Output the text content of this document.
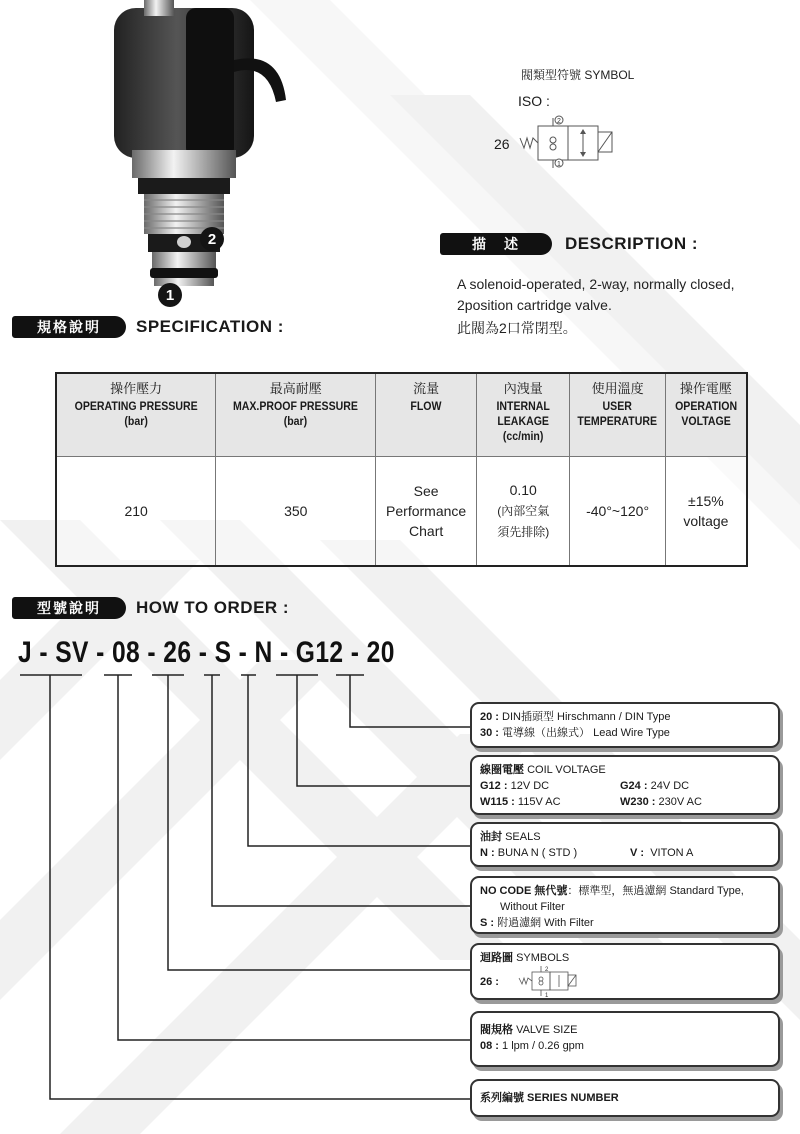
2
1
閥類型符號 SYMBOL
ISO :
26
2
1
描　述	DESCRIPTION :
A solenoid-operated, 2-way, normally closed,
2position cartridge valve.
此閥為2口常閉型。
規格說明	SPECIFICATION :
操作壓力
OPERATING PRESSURE
(bar)	最高耐壓
MAX.PROOF PRESSURE
(bar)	流量
FLOW	內洩量
INTERNAL
LEAKAGE
(cc/min)	使用溫度
USER
TEMPERATURE	操作電壓
OPERATION
VOLTAGE

210	350	See
Performance
Chart	0.10
(內部空氣
須先排除)	-40°~120°	±15%
voltage
型號說明	HOW TO ORDER :
J - SV - 08 - 26 - S - N - G12 - 20
20 : DIN插頭型 Hirschmann / DIN Type
30 : 電導線（出線式） Lead Wire Type
線圈電壓 COIL VOLTAGE
G12 : 12V DC	G24 : 24V DC
W115 : 115V AC	W230 : 230V AC
油封 SEALS
N : BUNA N ( STD )	V : VITON A
NO CODE 無代號：標準型，無過濾網 Standard Type,
Without Filter
S : 附過濾網 With Filter
迴路圖 SYMBOLS
26 :
2
1
閥規格 VALVE SIZE
08 : 1 lpm / 0.26 gpm
系列編號 SERIES NUMBER
